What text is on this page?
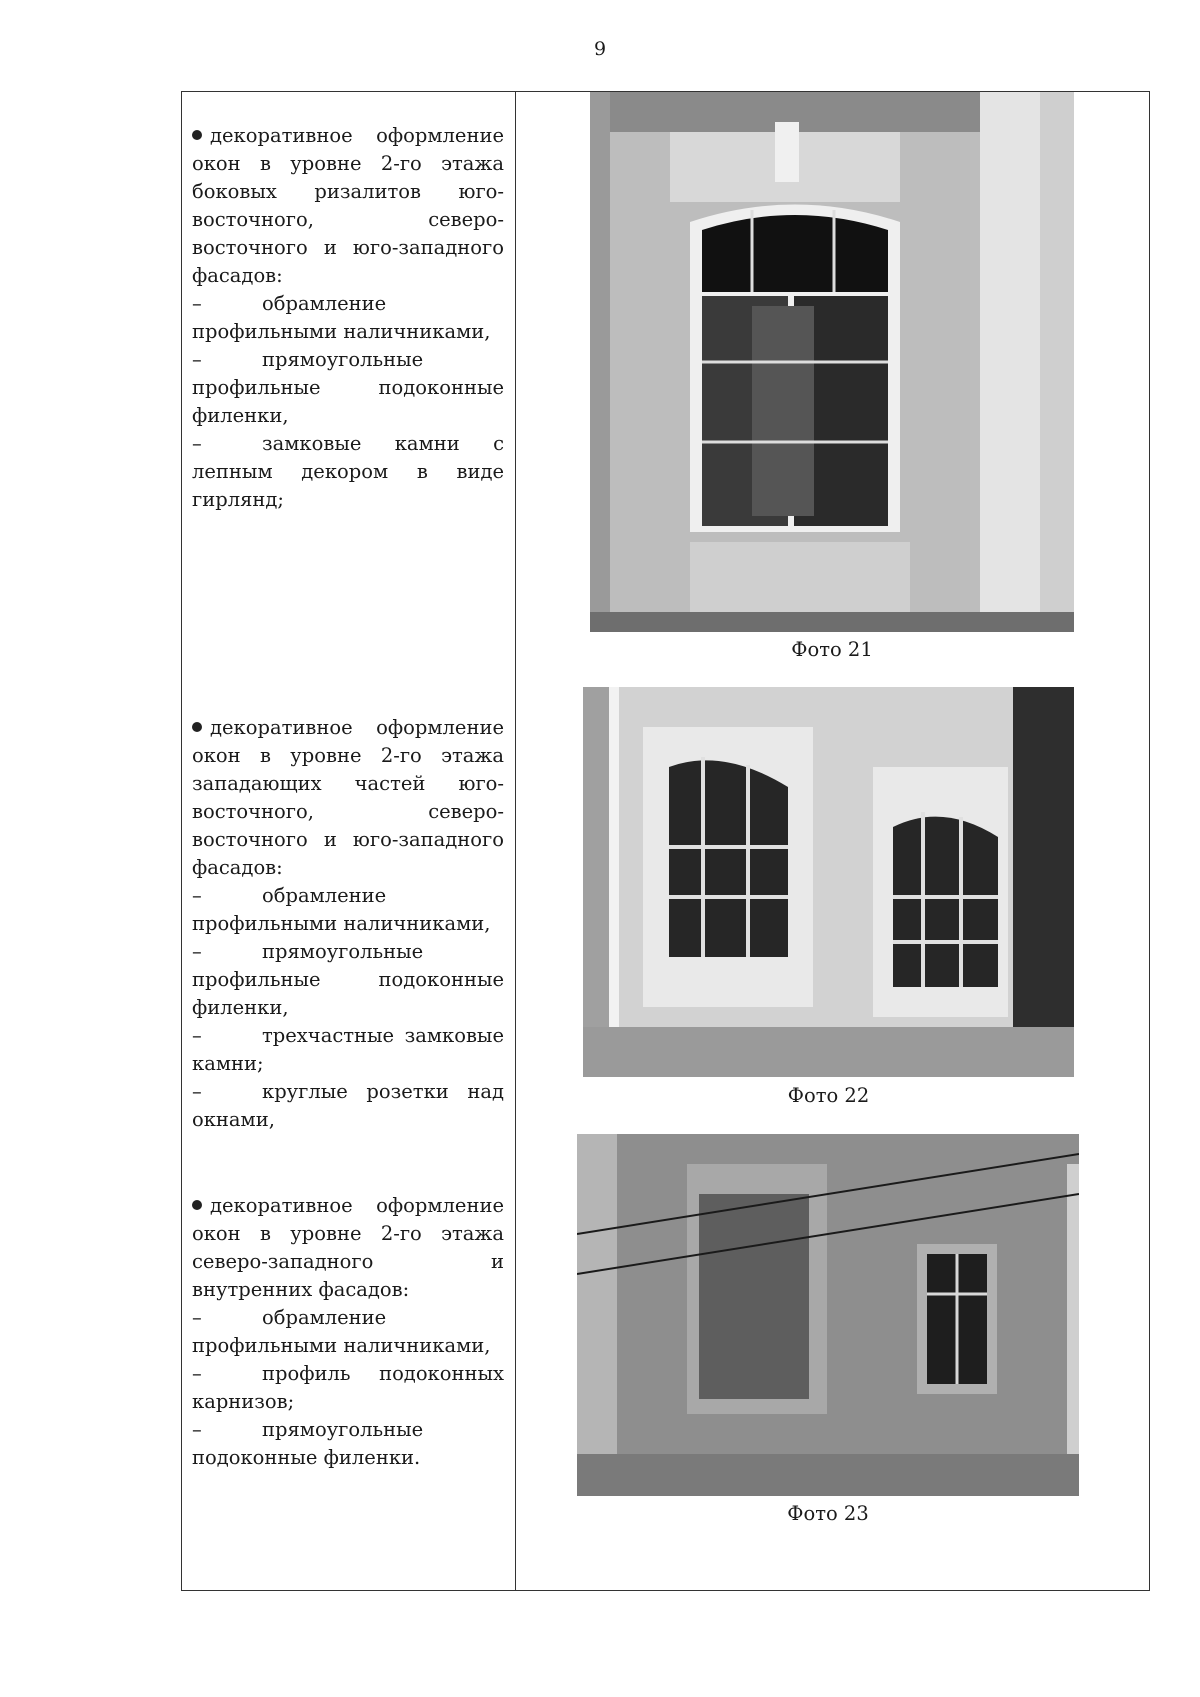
9

декоративное оформление окон в уровне 2-го этажа боковых ризалитов юго-восточного, северо-восточного и юго-западного фасадов:

–	обрамление профильными наличниками,

–	прямоугольные профильные подоконные филенки,

–	замковые камни с лепным декором в виде гирлянд;

декоративное оформление окон в уровне 2-го этажа западающих частей юго-восточного, северо-восточного и юго-западного фасадов:

–	обрамление профильными наличниками,

–	прямоугольные профильные подоконные филенки,

–	трехчастные замковые камни;

–	круглые розетки над окнами,

декоративное оформление окон в уровне 2-го этажа северо-западного и внутренних фасадов:

–	обрамление профильными наличниками,

–	профиль подоконных карнизов;

–	прямоугольные подоконные филенки.

Фото 21
Фото 22
Фото 23
